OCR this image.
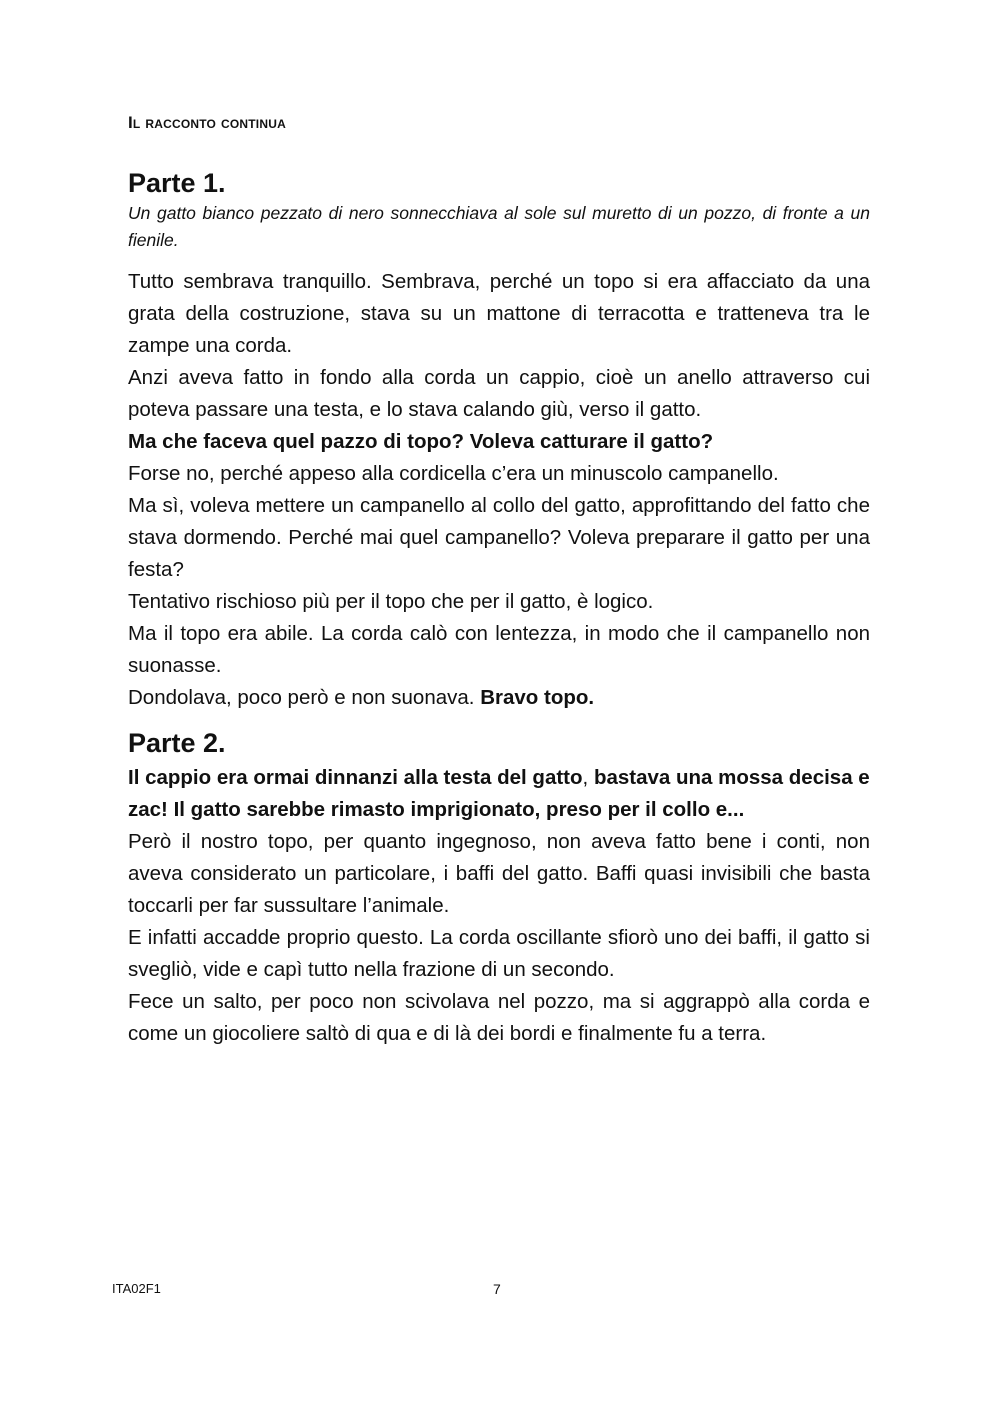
Il racconto continua
Parte 1.

Un gatto bianco pezzato di nero sonnecchiava al sole sul muretto di un pozzo, di fronte a un fienile.

Tutto sembrava tranquillo. Sembrava, perché un topo si era affacciato da una grata della costruzione, stava su un mattone di terracotta e tratteneva tra le zampe una corda.

Anzi aveva fatto in fondo alla corda un cappio, cioè un anello attraverso cui poteva passare una testa, e lo stava calando giù, verso il gatto.

Ma che faceva quel pazzo di topo? Voleva catturare il gatto?

Forse no, perché appeso alla cordicella c’era un minuscolo campanello.

Ma sì, voleva mettere un campanello al collo del gatto, approfittando del fatto che stava dormendo. Perché mai quel campanello? Voleva preparare il gatto per una festa?

Tentativo rischioso più per il topo che per il gatto, è logico.

Ma il topo era abile. La corda calò con lentezza, in modo che il campanello non suonasse.

Dondolava, poco però e non suonava. Bravo topo.

Parte 2.

Il cappio era ormai dinnanzi alla testa del gatto, bastava una mossa decisa e zac! Il gatto sarebbe rimasto imprigionato, preso per il collo e...

Però il nostro topo, per quanto ingegnoso, non aveva fatto bene i conti, non aveva considerato un particolare, i baffi del gatto. Baffi quasi invisibili che basta toccarli per far sussultare l’animale.

E infatti accadde proprio questo. La corda oscillante sfiorò uno dei baffi, il gatto si svegliò, vide e capì tutto nella frazione di un secondo.

Fece un salto, per poco non scivolava nel pozzo, ma si aggrappò alla corda e come un giocoliere saltò di qua e di là dei bordi e finalmente fu a terra.

ITA02F1	7
